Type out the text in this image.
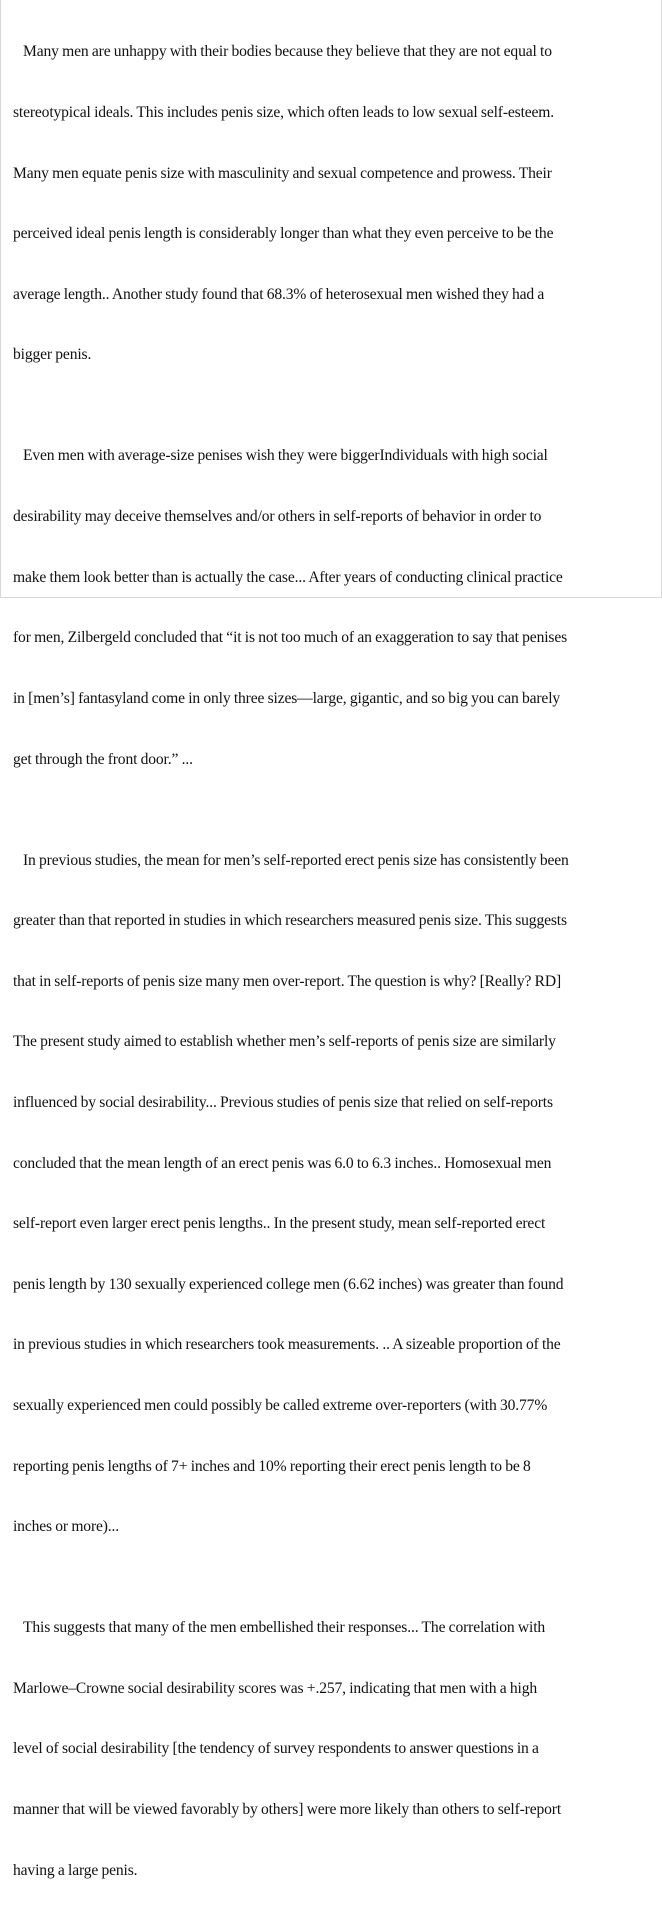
Many men are unhappy with their bodies because they believe that they are not equal to

stereotypical ideals. This includes penis size, which often leads to low sexual self-esteem.

Many men equate penis size with masculinity and sexual competence and prowess. Their

perceived ideal penis length is considerably longer than what they even perceive to be the

average length.. Another study found that 68.3% of heterosexual men wished they had a

bigger penis.

Even men with average-size penises wish they were biggerIndividuals with high social

desirability may deceive themselves and/or others in self-reports of behavior in order to

make them look better than is actually the case... After years of conducting clinical practice

for men, Zilbergeld concluded that “it is not too much of an exaggeration to say that penises

in [men’s] fantasyland come in only three sizes—large, gigantic, and so big you can barely

get through the front door.” ...

In previous studies, the mean for men’s self-reported erect penis size has consistently been

greater than that reported in studies in which researchers measured penis size. This suggests

that in self-reports of penis size many men over-report. The question is why? [Really? RD]

The present study aimed to establish whether men’s self-reports of penis size are similarly

influenced by social desirability... Previous studies of penis size that relied on self-reports

concluded that the mean length of an erect penis was 6.0 to 6.3 inches.. Homosexual men

self-report even larger erect penis lengths.. In the present study, mean self-reported erect

penis length by 130 sexually experienced college men (6.62 inches) was greater than found

in previous studies in which researchers took measurements. .. A sizeable proportion of the

sexually experienced men could possibly be called extreme over-reporters (with 30.77%

reporting penis lengths of 7+ inches and 10% reporting their erect penis length to be 8

inches or more)...

This suggests that many of the men embellished their responses... The correlation with

Marlowe–Crowne social desirability scores was +.257, indicating that men with a high

level of social desirability [the tendency of survey respondents to answer questions in a

manner that will be viewed favorably by others] were more likely than others to self-report

having a large penis.
